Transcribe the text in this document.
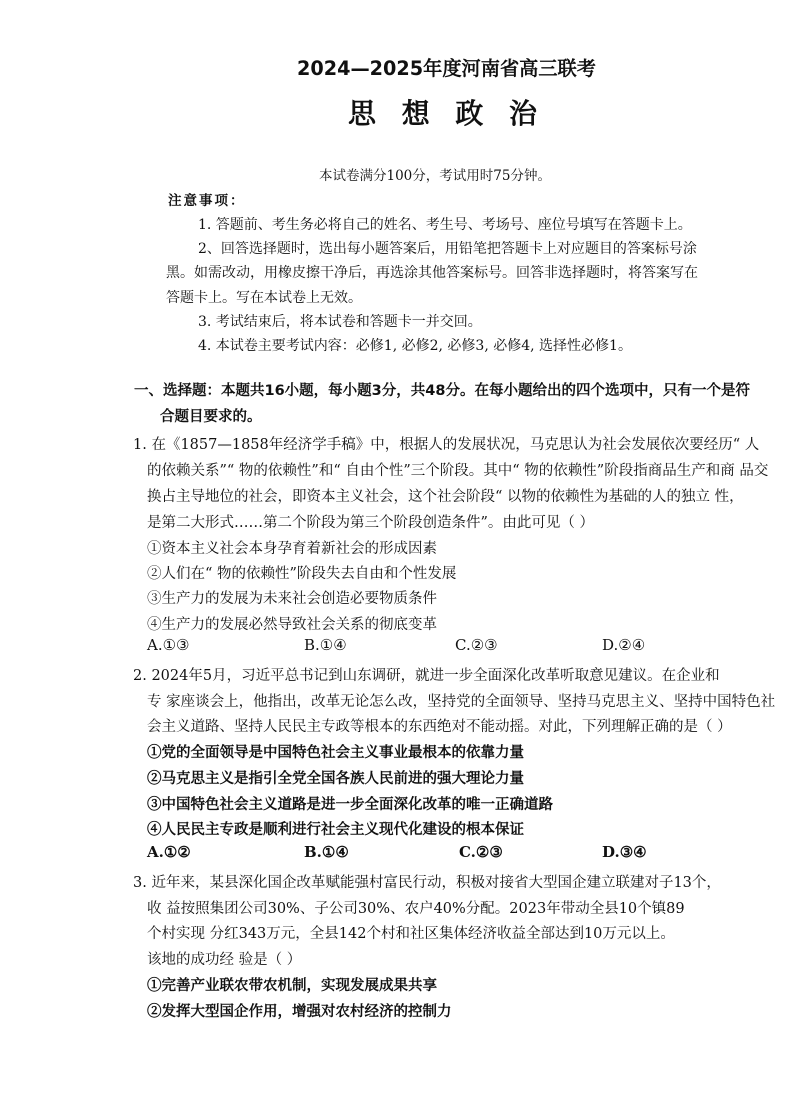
2024—2025年度河南省高三联考
思 想 政 治
本试卷满分100分，考试用时75分钟。
注意事项：
1. 答题前、考生务必将自己的姓名、考生号、考场号、座位号填写在答题卡上。
2、回答选择题时，选出每小题答案后，用铅笔把答题卡上对应题目的答案标号涂
黑。如需改动，用橡皮擦干净后，再选涂其他答案标号。回答非选择题时，将答案写在
答题卡上。写在本试卷上无效。
3. 考试结束后，将本试卷和答题卡一并交回。
4. 本试卷主要考试内容：必修1, 必修2, 必修3, 必修4, 选择性必修1。
一、选择题：本题共16小题，每小题3分，共48分。在每小题给出的四个选项中，只有一个是符
合题目要求的。
1. 在《1857—1858年经济学手稿》中，根据人的发展状况，马克思认为社会发展依次要经历“ 人
的依赖关系”“ 物的依赖性”和“ 自由个性”三个阶段。其中“ 物的依赖性”阶段指商品生产和商 品交
换占主导地位的社会，即资本主义社会，这个社会阶段“ 以物的依赖性为基础的人的独立 性，
是第二大形式……第二个阶段为第三个阶段创造条件”。由此可见（ ）
①资本主义社会本身孕育着新社会的形成因素
②人们在“ 物的依赖性”阶段失去自由和个性发展
③生产力的发展为未来社会创造必要物质条件
④生产力的发展必然导致社会关系的彻底变革
A.①③	B.①④	C.②③	D.②④
2. 2024年5月，习近平总书记到山东调研，就进一步全面深化改革听取意见建议。在企业和
专 家座谈会上，他指出，改革无论怎么改，坚持党的全面领导、坚持马克思主义、坚持中国特色社
会主义道路、坚持人民民主专政等根本的东西绝对不能动摇。对此，下列理解正确的是（ ）
①党的全面领导是中国特色社会主义事业最根本的依靠力量
②马克思主义是指引全党全国各族人民前进的强大理论力量
③中国特色社会主义道路是进一步全面深化改革的唯一正确道路
④人民民主专政是顺利进行社会主义现代化建设的根本保证
A.①②	B.①④	C.②③	D.③④
3. 近年来，某县深化国企改革赋能强村富民行动，积极对接省大型国企建立联建对子13个，
收 益按照集团公司30%、子公司30%、农户40%分配。2023年带动全县10个镇89
个村实现 分红343万元，全县142个村和社区集体经济收益全部达到10万元以上。
该地的成功经 验是（ ）
①完善产业联农带农机制，实现发展成果共享
②发挥大型国企作用，增强对农村经济的控制力
